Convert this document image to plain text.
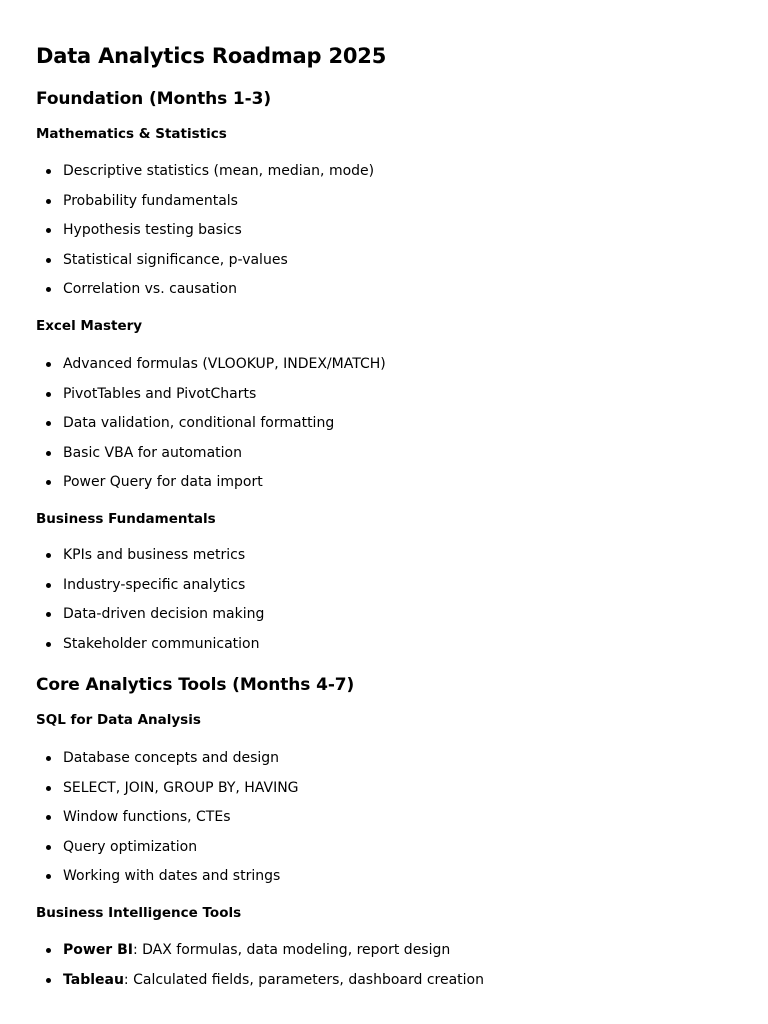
Data Analytics Roadmap 2025
Foundation (Months 1-3)
Mathematics & Statistics
Descriptive statistics (mean, median, mode)
Probability fundamentals
Hypothesis testing basics
Statistical significance, p-values
Correlation vs. causation
Excel Mastery
Advanced formulas (VLOOKUP, INDEX/MATCH)
PivotTables and PivotCharts
Data validation, conditional formatting
Basic VBA for automation
Power Query for data import
Business Fundamentals
KPIs and business metrics
Industry-specific analytics
Data-driven decision making
Stakeholder communication
Core Analytics Tools (Months 4-7)
SQL for Data Analysis
Database concepts and design
SELECT, JOIN, GROUP BY, HAVING
Window functions, CTEs
Query optimization
Working with dates and strings
Business Intelligence Tools
Power BI: DAX formulas, data modeling, report design
Tableau: Calculated fields, parameters, dashboard creation
